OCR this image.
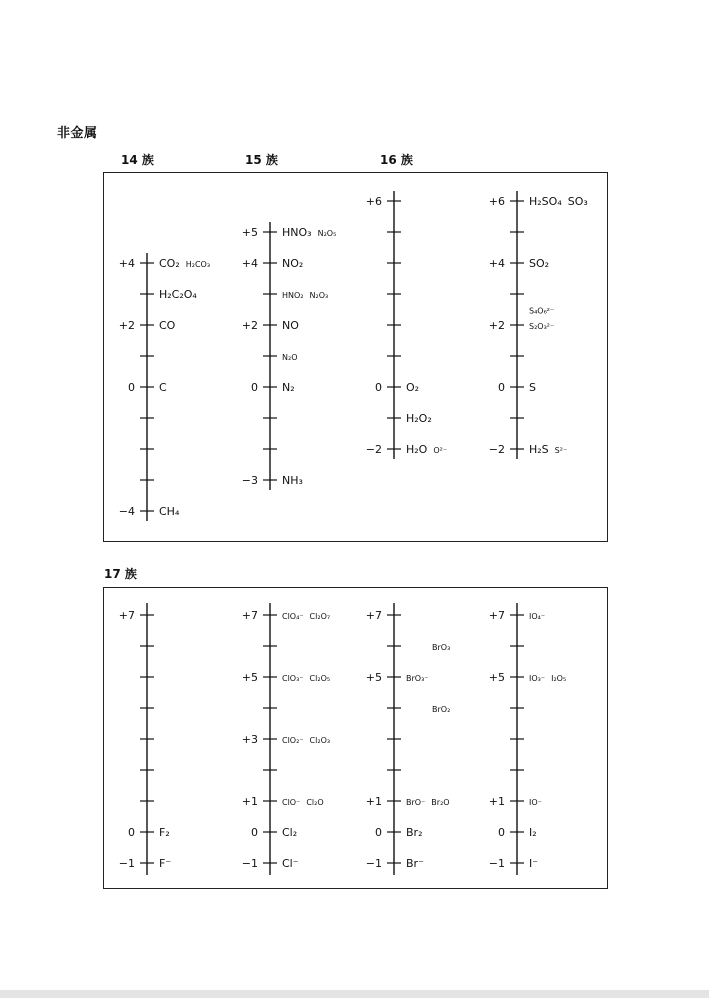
非金属
14 族	15 族	16 族
17 族
+4
+2
0
−4
CO₂ H₂CO₃
H₂C₂O₄
CO
C
CH₄
+5
+4
+2
0
−3
HNO₃ N₂O₅
NO₂
HNO₂ N₂O₃
NO
N₂O
N₂
NH₃
+6
0
−2
O₂
H₂O₂
H₂O O²⁻
+6
+4
+2
0
−2
H₂SO₄ SO₃
SO₂
S₄O₆²⁻
S₂O₃²⁻
S
H₂S S²⁻
+7
0
−1
F₂
F⁻
+7
+5
+3
+1
0
−1
ClO₄⁻ Cl₂O₇
ClO₃⁻ Cl₂O₅
ClO₂⁻ Cl₂O₃
ClO⁻ Cl₂O
Cl₂
Cl⁻
+7
+5
+1
0
−1
BrO₃
BrO₃⁻
BrO₂
BrO⁻ Br₂O
Br₂
Br⁻
+7
+5
+1
0
−1
IO₄⁻
IO₃⁻ I₂O₅
IO⁻
I₂
I⁻
